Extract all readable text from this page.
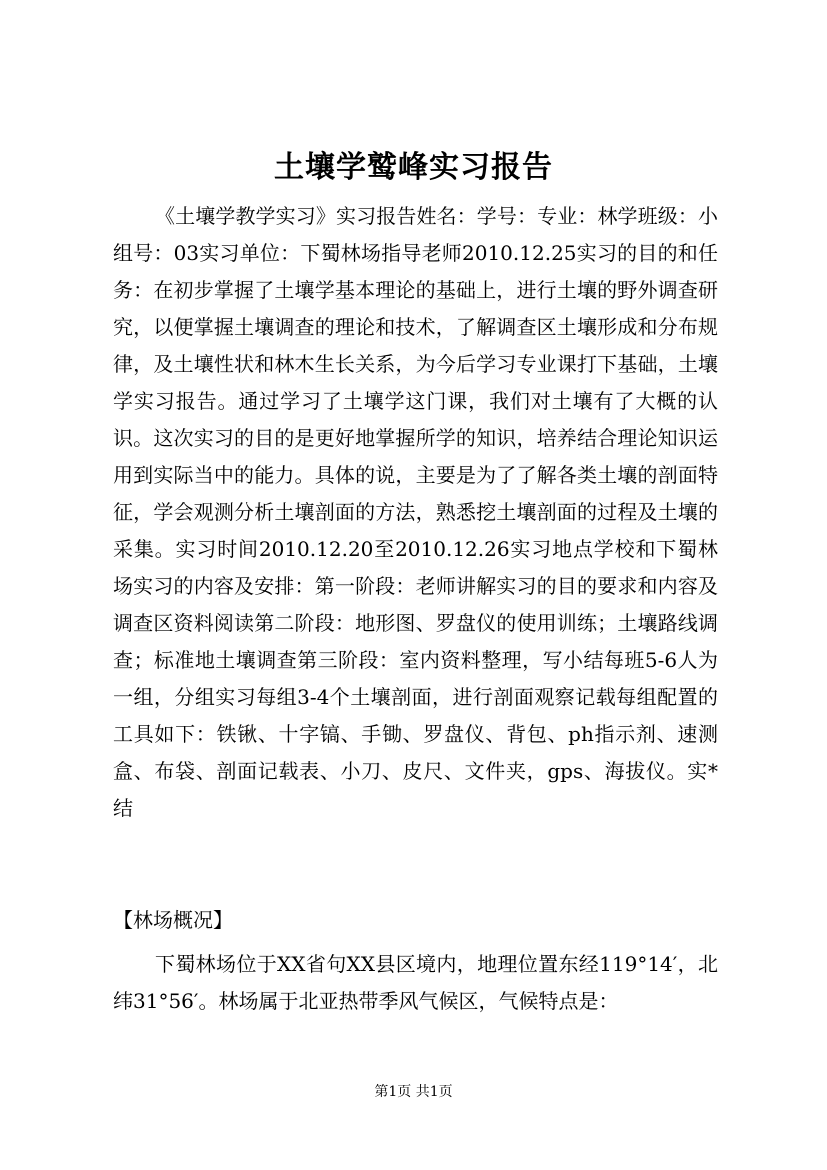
土壤学鹫峰实习报告

《土壤学教学实习》实习报告姓名：学号：专业：林学班级：小组号：03实习单位：下蜀林场指导老师2010.12.25实习的目的和任务：在初步掌握了土壤学基本理论的基础上，进行土壤的野外调查研究，以便掌握土壤调查的理论和技术，了解调查区土壤形成和分布规律，及土壤性状和林木生长关系，为今后学习专业课打下基础，土壤学实习报告。通过学习了土壤学这门课，我们对土壤有了大概的认识。这次实习的目的是更好地掌握所学的知识，培养结合理论知识运用到实际当中的能力。具体的说，主要是为了了解各类土壤的剖面特征，学会观测分析土壤剖面的方法，熟悉挖土壤剖面的过程及土壤的采集。实习时间2010.12.20至2010.12.26实习地点学校和下蜀林场实习的内容及安排：第一阶段：老师讲解实习的目的要求和内容及调查区资料阅读第二阶段：地形图、罗盘仪的使用训练；土壤路线调查；标准地土壤调查第三阶段：室内资料整理，写小结每班5-6人为一组，分组实习每组3-4个土壤剖面，进行剖面观察记载每组配置的工具如下：铁锹、十字镐、手锄、罗盘仪、背包、ph指示剂、速测盒、布袋、剖面记载表、小刀、皮尺、文件夹，gps、海拔仪。实*结

【林场概况】

下蜀林场位于XX省句XX县区境内，地理位置东经119°14′，北纬31°56′。林场属于北亚热带季风气候区，气候特点是：

第1页 共1页
